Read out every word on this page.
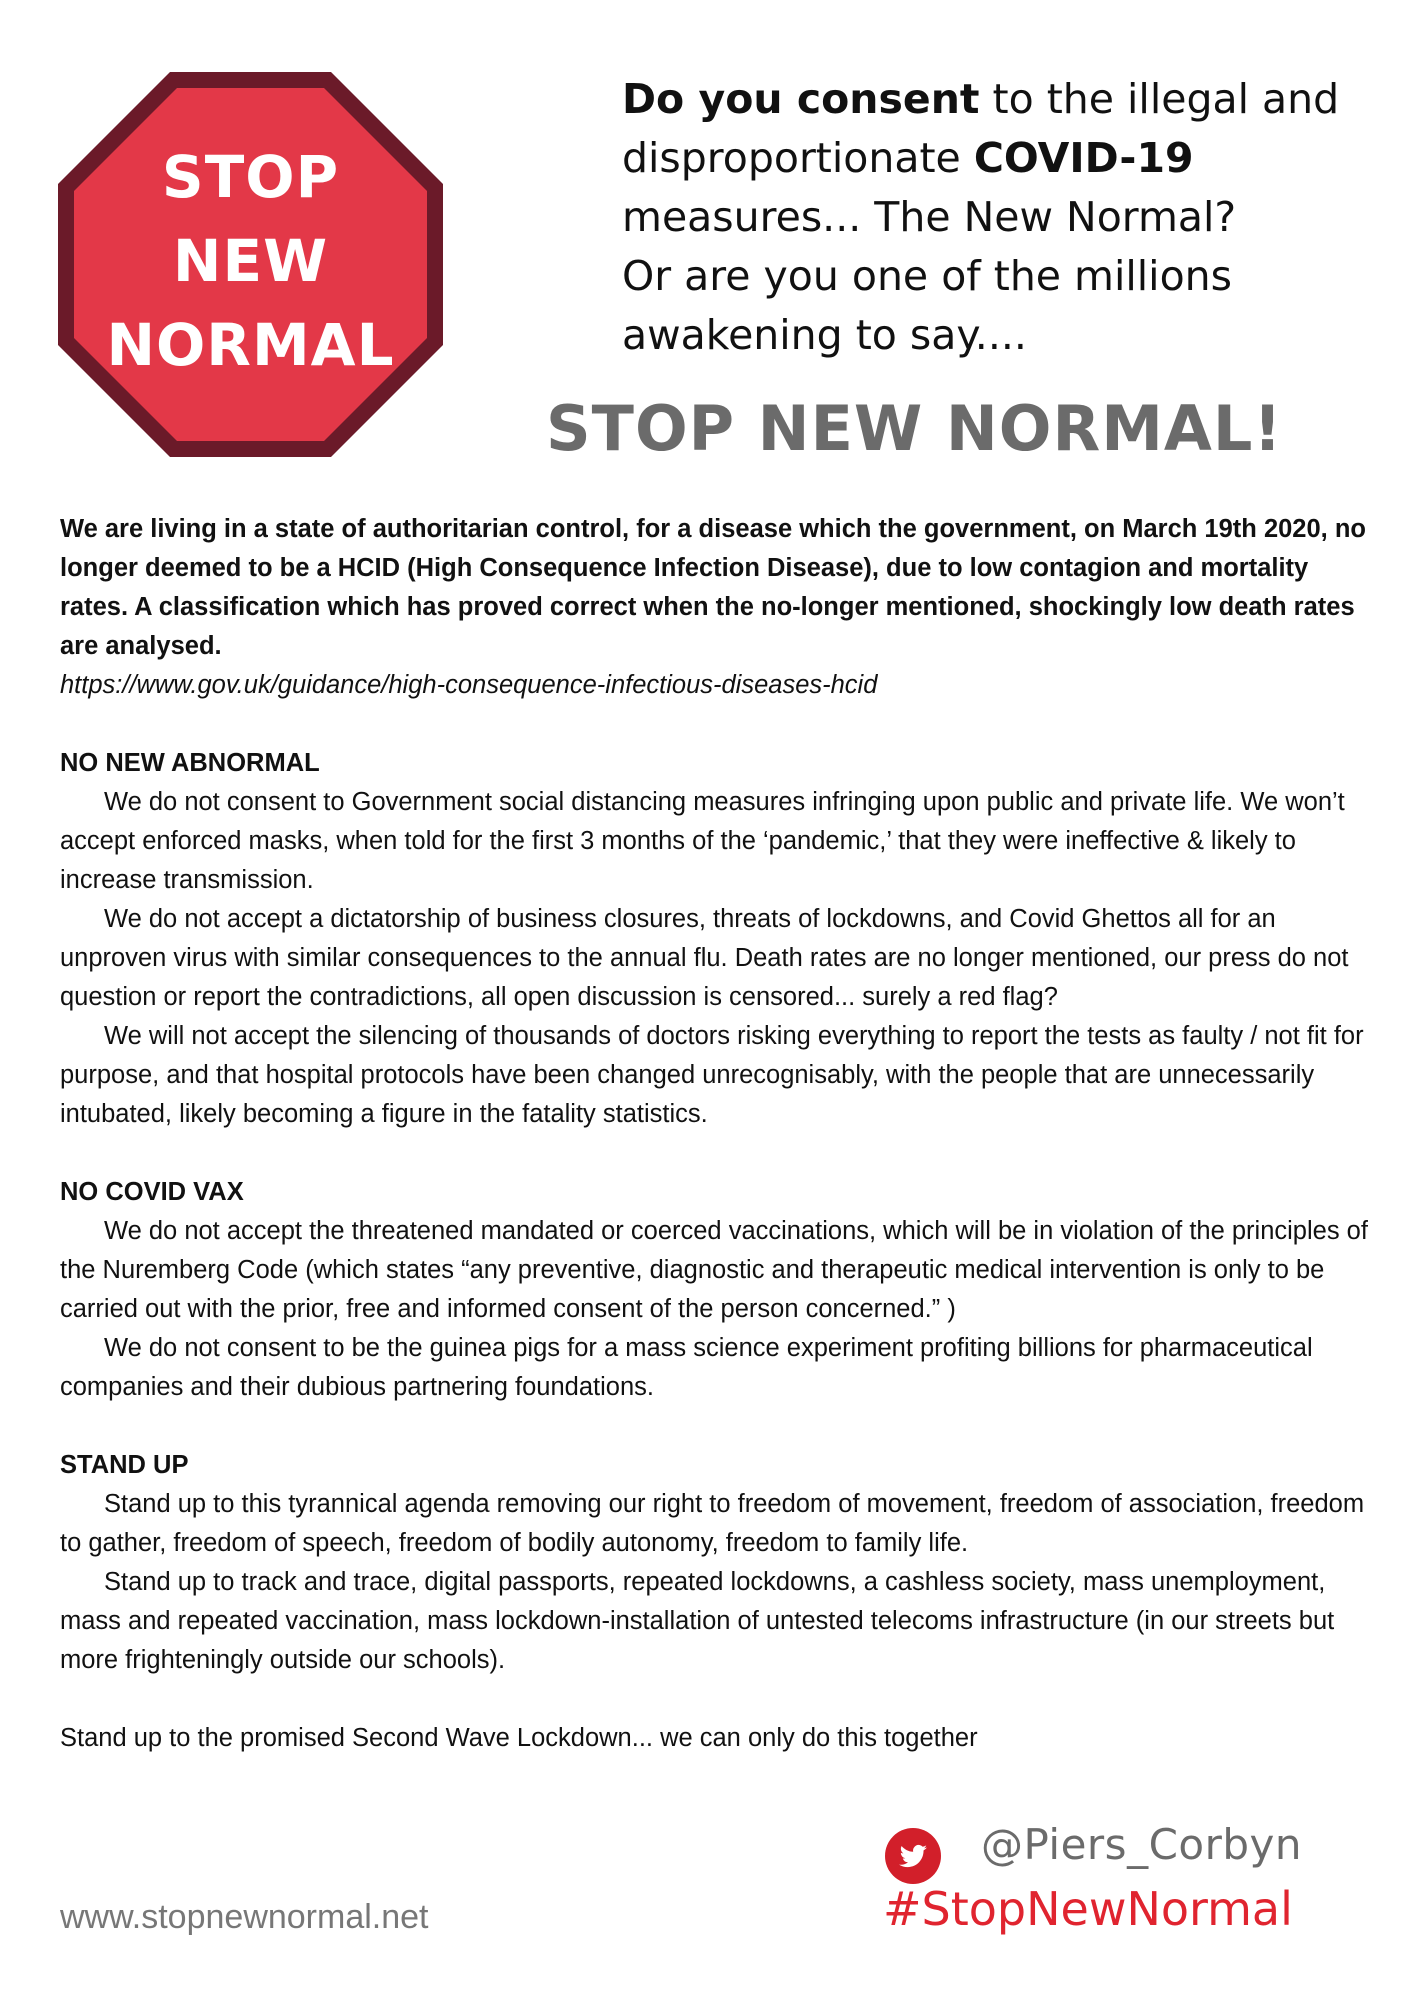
STOP
NEW
NORMAL
Do you consent to the illegal and
disproportionate COVID-19
measures... The New Normal?
Or are you one of the millions
awakening to say....
STOP NEW NORMAL!

We are living in a state of authoritarian control, for a disease which the government, on March 19th 2020, no longer deemed to be a HCID (High Consequence Infection Disease), due to low contagion and mortality rates. A classification which has proved correct when the no-longer mentioned, shockingly low death rates are analysed.

https://www.gov.uk/guidance/high-consequence-infectious-diseases-hcid

NO NEW ABNORMAL

We do not consent to Government social distancing measures infringing upon public and private life. We won’t accept enforced masks, when told for the first 3 months of the ‘pandemic,’ that they were ineffective & likely to increase transmission.

We do not accept a dictatorship of business closures, threats of lockdowns, and Covid Ghettos all for an unproven virus with similar consequences to the annual flu. Death rates are no longer mentioned, our press do not question or report the contradictions, all open discussion is censored... surely a red flag?

We will not accept the silencing of thousands of doctors risking everything to report the tests as faulty / not fit for purpose, and that hospital protocols have been changed unrecognisably, with the people that are unnecessarily intubated, likely becoming a figure in the fatality statistics.

NO COVID VAX

We do not accept the threatened mandated or coerced vaccinations, which will be in violation of the principles of the Nuremberg Code (which states “any preventive, diagnostic and therapeutic medical intervention is only to be carried out with the prior, free and informed consent of the person concerned.” )

We do not consent to be the guinea pigs for a mass science experiment profiting billions for pharmaceutical companies and their dubious partnering foundations.

STAND UP

Stand up to this tyrannical agenda removing our right to freedom of movement, freedom of association, freedom to gather, freedom of speech, freedom of bodily autonomy, freedom to family life.

Stand up to track and trace, digital passports, repeated lockdowns, a cashless society, mass unemployment, mass and repeated vaccination, mass lockdown-installation of untested telecoms infrastructure (in our streets but more frighteningly outside our schools).

Stand up to the promised Second Wave Lockdown... we can only do this together

@Piers_Corbyn
#StopNewNormal
www.stopnewnormal.net
